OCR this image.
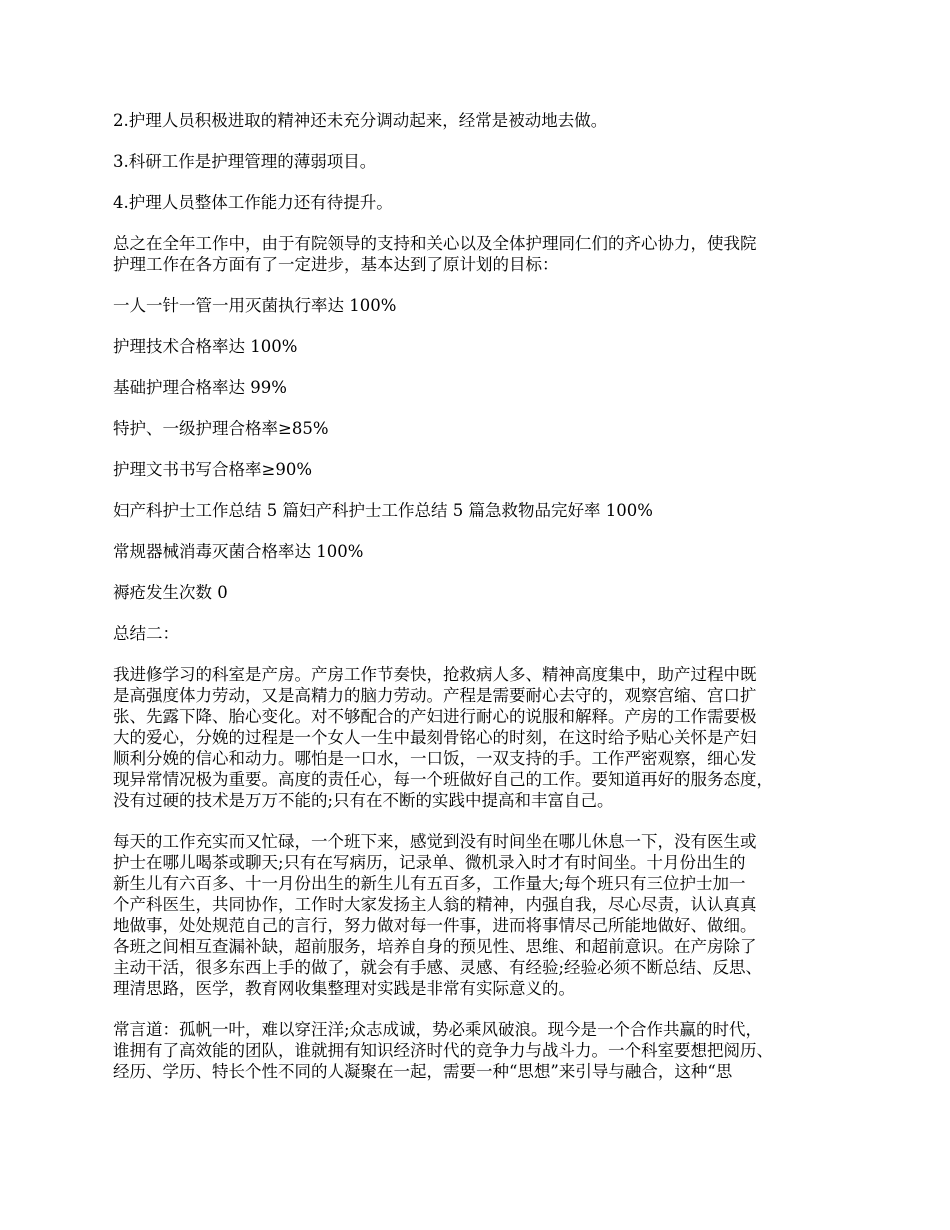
2.护理人员积极进取的精神还未充分调动起来，经常是被动地去做。

3.科研工作是护理管理的薄弱项目。

4.护理人员整体工作能力还有待提升。

总之在全年工作中，由于有院领导的支持和关心以及全体护理同仁们的齐心协力，使我院
护理工作在各方面有了一定进步，基本达到了原计划的目标：

一人一针一管一用灭菌执行率达 100%

护理技术合格率达 100%

基础护理合格率达 99%

特护、一级护理合格率≥85%

护理文书书写合格率≥90%

妇产科护士工作总结 5 篇妇产科护士工作总结 5 篇急救物品完好率 100%

常规器械消毒灭菌合格率达 100%

褥疮发生次数 0

总结二：

我进修学习的科室是产房。产房工作节奏快，抢救病人多、精神高度集中，助产过程中既
是高强度体力劳动，又是高精力的脑力劳动。产程是需要耐心去守的，观察宫缩、宫口扩
张、先露下降、胎心变化。对不够配合的产妇进行耐心的说服和解释。产房的工作需要极
大的爱心，分娩的过程是一个女人一生中最刻骨铭心的时刻，在这时给予贴心关怀是产妇
顺利分娩的信心和动力。哪怕是一口水，一口饭，一双支持的手。工作严密观察，细心发
现异常情况极为重要。高度的责任心，每一个班做好自己的工作。要知道再好的服务态度，
没有过硬的技术是万万不能的;只有在不断的实践中提高和丰富自己。

每天的工作充实而又忙碌，一个班下来，感觉到没有时间坐在哪儿休息一下，没有医生或
护士在哪儿喝茶或聊天;只有在写病历，记录单、微机录入时才有时间坐。十月份出生的
新生儿有六百多、十一月份出生的新生儿有五百多，工作量大;每个班只有三位护士加一
个产科医生，共同协作，工作时大家发扬主人翁的精神，内强自我，尽心尽责，认认真真
地做事，处处规范自己的言行，努力做对每一件事，进而将事情尽己所能地做好、做细。
各班之间相互查漏补缺，超前服务，培养自身的预见性、思维、和超前意识。在产房除了
主动干活，很多东西上手的做了，就会有手感、灵感、有经验;经验必须不断总结、反思、
理清思路，医学，教育网收集整理对实践是非常有实际意义的。

常言道：孤帆一叶，难以穿汪洋;众志成诚，势必乘风破浪。现今是一个合作共赢的时代，
谁拥有了高效能的团队，谁就拥有知识经济时代的竞争力与战斗力。一个科室要想把阅历、
经历、学历、特长个性不同的人凝聚在一起，需要一种“思想”来引导与融合，这种“思
